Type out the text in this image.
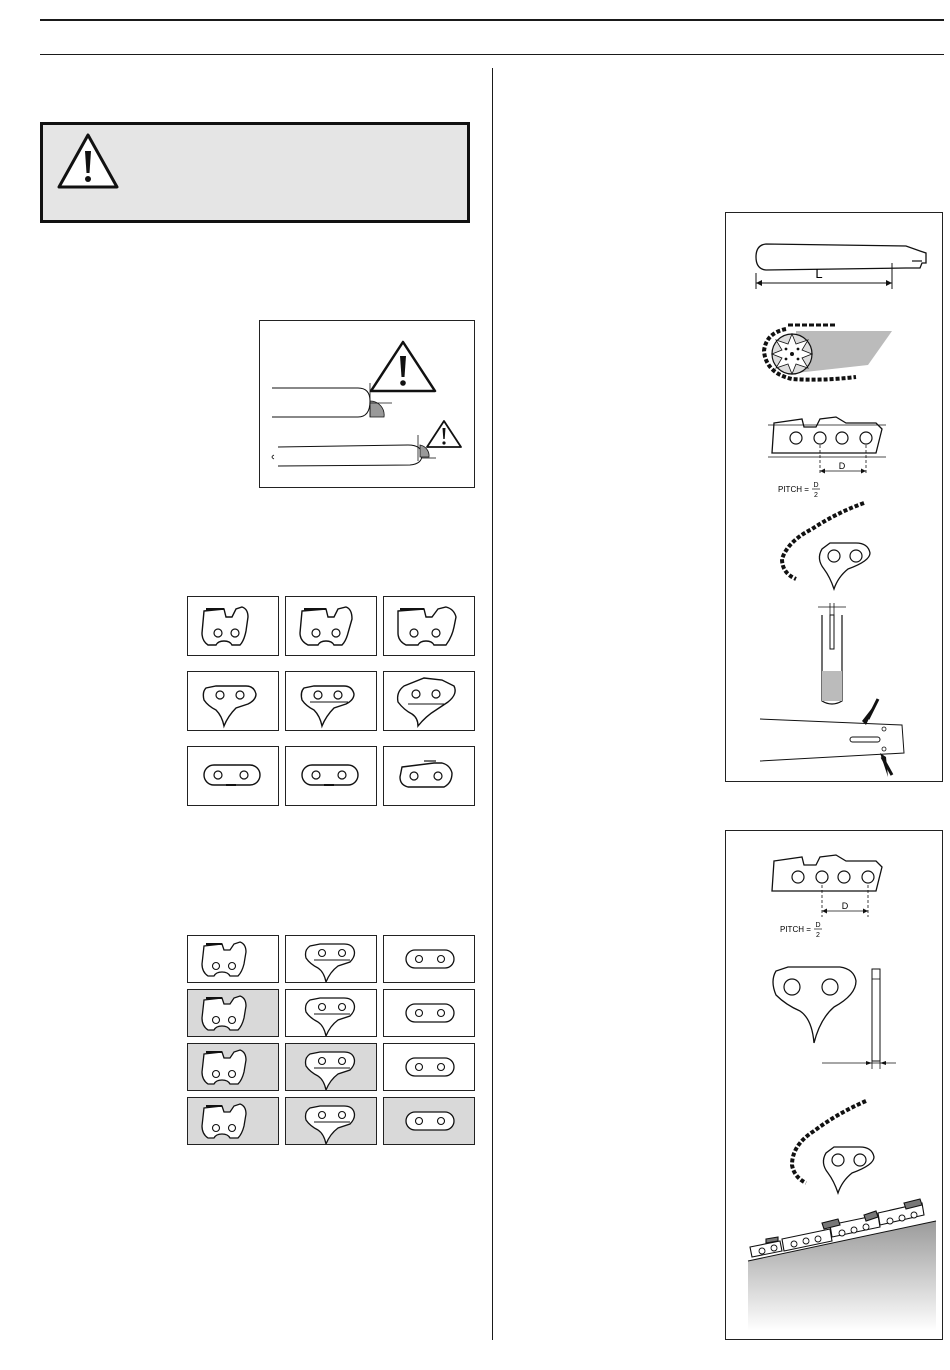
L
D
PITCH = D
2
D
PITCH = D
2
